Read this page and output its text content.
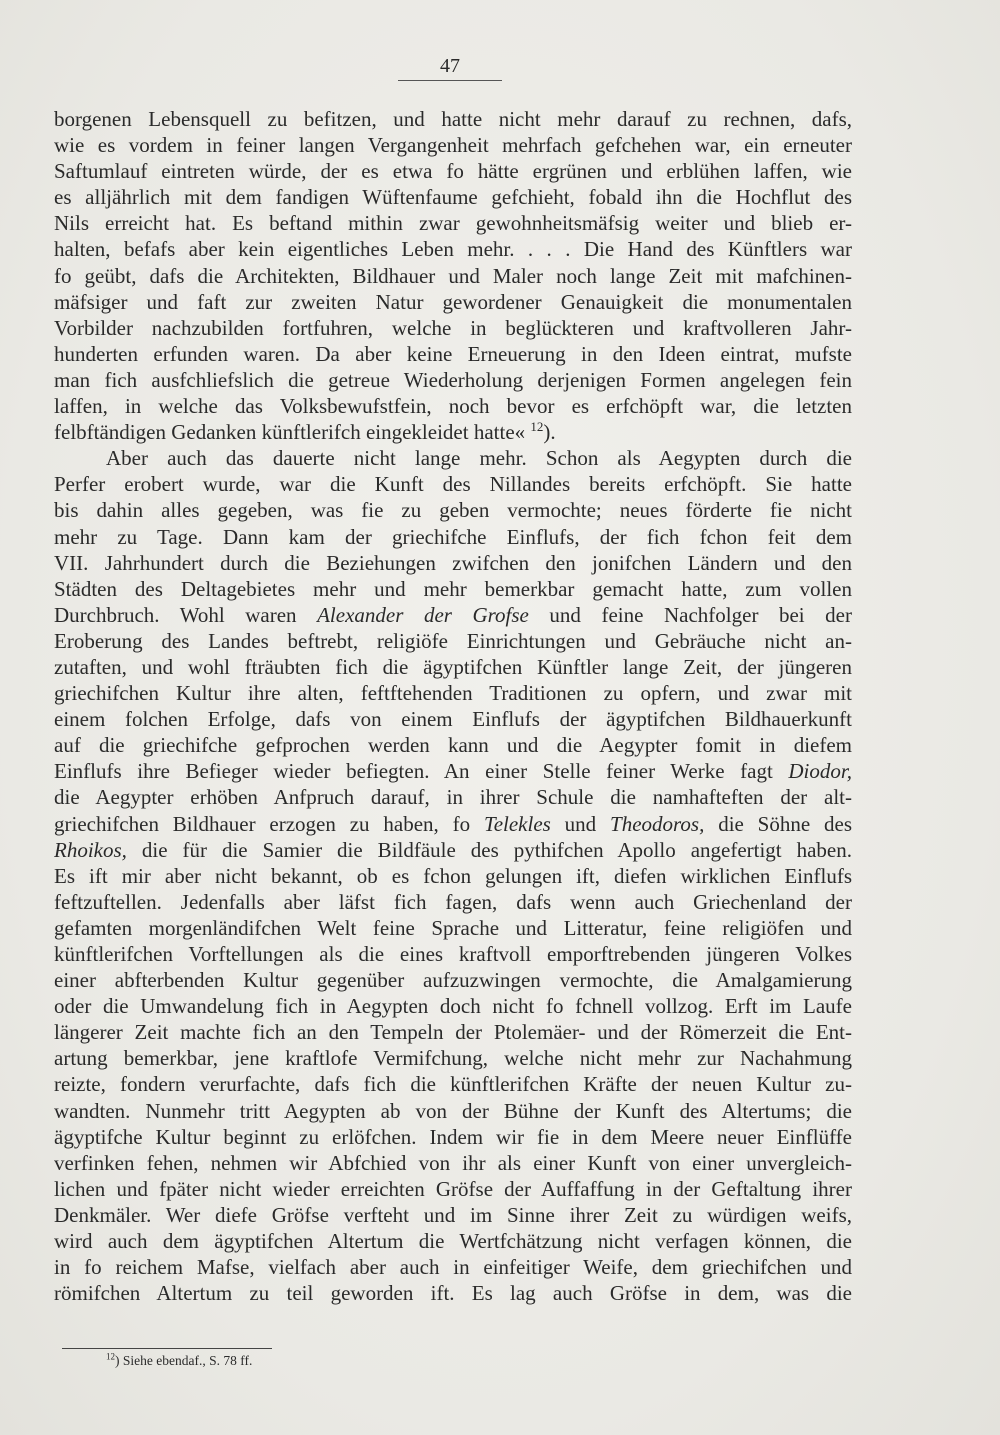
47
borgenen Lebensquell zu befitzen, und hatte nicht mehr darauf zu rechnen, dafs,
wie es vordem in feiner langen Vergangenheit mehrfach gefchehen war, ein erneuter
Saftumlauf eintreten würde, der es etwa fo hätte ergrünen und erblühen laffen, wie
es alljährlich mit dem fandigen Wüftenfaume gefchieht, fobald ihn die Hochflut des
Nils erreicht hat. Es beftand mithin zwar gewohnheitsmäfsig weiter und blieb er-
halten, befafs aber kein eigentliches Leben mehr. . . . Die Hand des Künftlers war
fo geübt, dafs die Architekten, Bildhauer und Maler noch lange Zeit mit mafchinen-
mäfsiger und faft zur zweiten Natur gewordener Genauigkeit die monumentalen
Vorbilder nachzubilden fortfuhren, welche in beglückteren und kraftvolleren Jahr-
hunderten erfunden waren. Da aber keine Erneuerung in den Ideen eintrat, mufste
man fich ausfchliefslich die getreue Wiederholung derjenigen Formen angelegen fein
laffen, in welche das Volksbewufstfein, noch bevor es erfchöpft war, die letzten
felbftändigen Gedanken künftlerifch eingekleidet hatte« $^{12}$).
Aber auch das dauerte nicht lange mehr. Schon als Aegypten durch die
Perfer erobert wurde, war die Kunft des Nillandes bereits erfchöpft. Sie hatte
bis dahin alles gegeben, was fie zu geben vermochte; neues förderte fie nicht
mehr zu Tage. Dann kam der griechifche Einflufs, der fich fchon feit dem
VII. Jahrhundert durch die Beziehungen zwifchen den jonifchen Ländern und den
Städten des Deltagebietes mehr und mehr bemerkbar gemacht hatte, zum vollen
Durchbruch. Wohl waren Alexander der Grofse und feine Nachfolger bei der
Eroberung des Landes beftrebt, religiöfe Einrichtungen und Gebräuche nicht an-
zutaften, und wohl fträubten fich die ägyptifchen Künftler lange Zeit, der jüngeren
griechifchen Kultur ihre alten, feftftehenden Traditionen zu opfern, und zwar mit
einem folchen Erfolge, dafs von einem Einflufs der ägyptifchen Bildhauerkunft
auf die griechifche gefprochen werden kann und die Aegypter fomit in diefem
Einflufs ihre Befieger wieder befiegten. An einer Stelle feiner Werke fagt Diodor,
die Aegypter erhöben Anfpruch darauf, in ihrer Schule die namhafteften der alt-
griechifchen Bildhauer erzogen zu haben, fo Telekles und Theodoros, die Söhne des
Rhoikos, die für die Samier die Bildfäule des pythifchen Apollo angefertigt haben.
Es ift mir aber nicht bekannt, ob es fchon gelungen ift, diefen wirklichen Einflufs
feftzuftellen. Jedenfalls aber läfst fich fagen, dafs wenn auch Griechenland der
gefamten morgenländifchen Welt feine Sprache und Litteratur, feine religiöfen und
künftlerifchen Vorftellungen als die eines kraftvoll emporftrebenden jüngeren Volkes
einer abfterbenden Kultur gegenüber aufzuzwingen vermochte, die Amalgamierung
oder die Umwandelung fich in Aegypten doch nicht fo fchnell vollzog. Erft im Laufe
längerer Zeit machte fich an den Tempeln der Ptolemäer- und der Römerzeit die Ent-
artung bemerkbar, jene kraftlofe Vermifchung, welche nicht mehr zur Nachahmung
reizte, fondern verurfachte, dafs fich die künftlerifchen Kräfte der neuen Kultur zu-
wandten. Nunmehr tritt Aegypten ab von der Bühne der Kunft des Altertums; die
ägyptifche Kultur beginnt zu erlöfchen. Indem wir fie in dem Meere neuer Einflüffe
verfinken fehen, nehmen wir Abfchied von ihr als einer Kunft von einer unvergleich-
lichen und fpäter nicht wieder erreichten Gröfse der Auffaffung in der Geftaltung ihrer
Denkmäler. Wer diefe Gröfse verfteht und im Sinne ihrer Zeit zu würdigen weifs,
wird auch dem ägyptifchen Altertum die Wertfchätzung nicht verfagen können, die
in fo reichem Mafse, vielfach aber auch in einfeitiger Weife, dem griechifchen und
römifchen Altertum zu teil geworden ift. Es lag auch Gröfse in dem, was die
$^{12}$) Siehe ebendaf., S. 78 ff.
